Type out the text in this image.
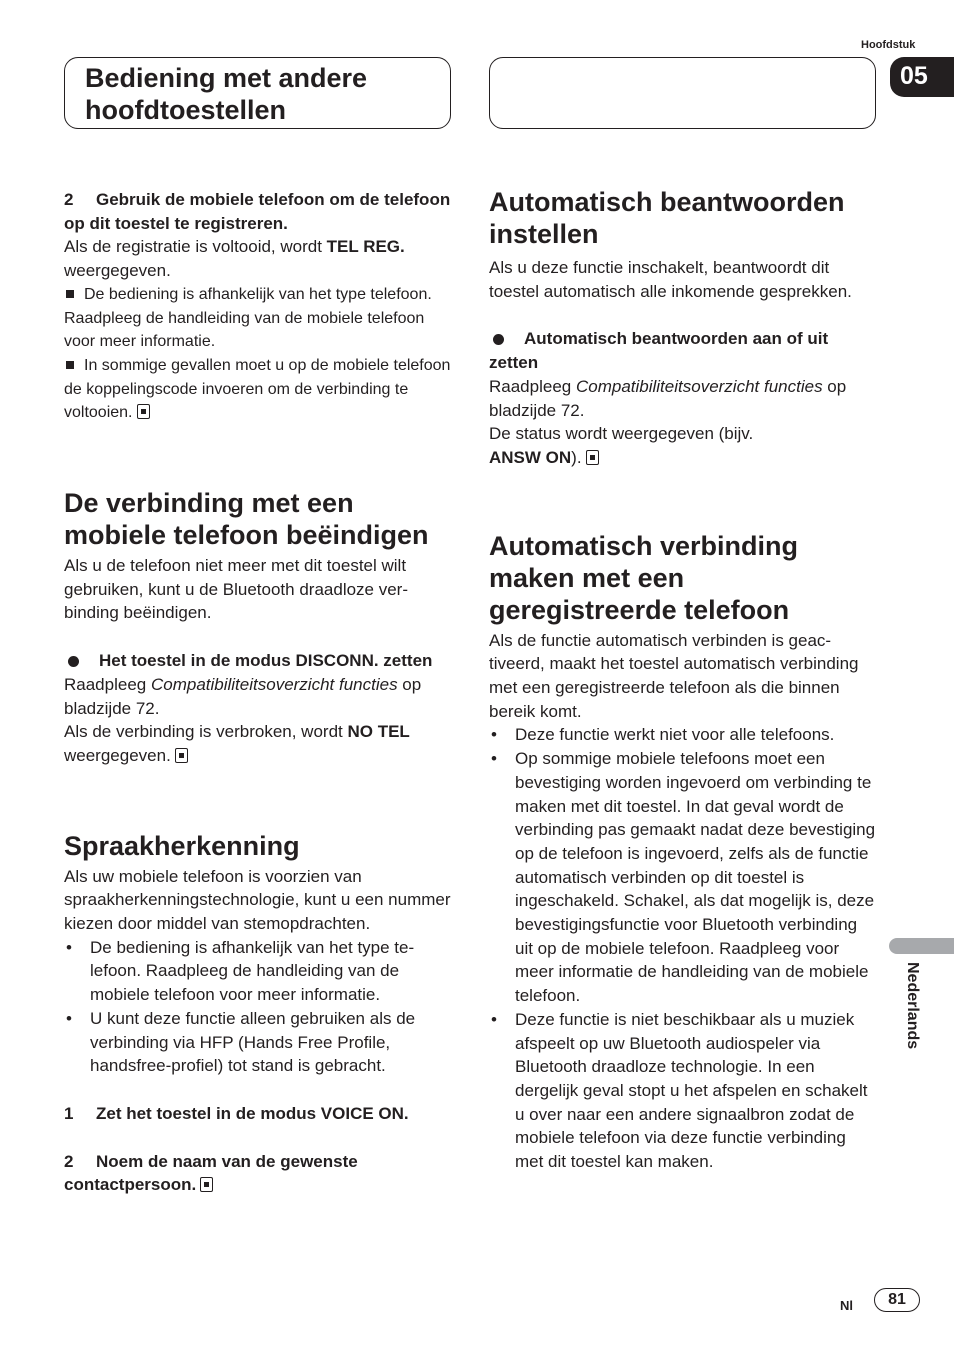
Bediening met andere hoofdtoestellen
Hoofdstuk
05
2 Gebruik de mobiele telefoon om de telefoon op dit toestel te registreren.

Als de registratie is voltooid, wordt TEL REG. weergegeven.

De bediening is afhankelijk van het type telefoon. Raadpleeg de handleiding van de mobiele telefoon voor meer informatie.

In sommige gevallen moet u op de mobiele telefoon de koppelingscode invoeren om de verbinding te voltooien.

De verbinding met een mobiele telefoon beëindigen

Als u de telefoon niet meer met dit toestel wilt gebruiken, kunt u de Bluetooth draadloze verbinding beëindigen.

Het toestel in de modus DISCONN. zetten

Raadpleeg Compatibiliteitsoverzicht functies op bladzijde 72.

Als de verbinding is verbroken, wordt NO TEL weergegeven.

Spraakherkenning

Als uw mobiele telefoon is voorzien van spraakherkenningstechnologie, kunt u een nummer kiezen door middel van stemopdrachten.

• De bediening is afhankelijk van het type telefoon. Raadpleeg de handleiding van de mobiele telefoon voor meer informatie.
• U kunt deze functie alleen gebruiken als de verbinding via HFP (Hands Free Profile, handsfree-profiel) tot stand is gebracht.
1 Zet het toestel in de modus VOICE ON.
2 Noem de naam van de gewenste contactpersoon.
Automatisch beantwoorden instellen

Als u deze functie inschakelt, beantwoordt dit toestel automatisch alle inkomende gesprekken.

Automatisch beantwoorden aan of uit zetten

Raadpleeg Compatibiliteitsoverzicht functies op bladzijde 72.

De status wordt weergegeven (bijv.

ANSW ON).

Automatisch verbinding maken met een geregistreerde telefoon

Als de functie automatisch verbinden is geactiveerd, maakt het toestel automatisch verbinding met een geregistreerde telefoon als die binnen bereik komt.

• Deze functie werkt niet voor alle telefoons.
• Op sommige mobiele telefoons moet een bevestiging worden ingevoerd om verbinding te maken met dit toestel. In dat geval wordt de verbinding pas gemaakt nadat deze bevestiging op de telefoon is ingevoerd, zelfs als de functie automatisch verbinden op dit toestel is ingeschakeld. Schakel, als dat mogelijk is, deze bevestigingsfunctie voor Bluetooth verbinding uit op de mobiele telefoon. Raadpleeg voor meer informatie de handleiding van de mobiele telefoon.
• Deze functie is niet beschikbaar als u muziek afspeelt op uw Bluetooth audiospeler via Bluetooth draadloze technologie. In een dergelijk geval stopt u het afspelen en schakelt u over naar een andere signaalbron zodat de mobiele telefoon via deze functie verbinding met dit toestel kan maken.
Nederlands
Nl	81
